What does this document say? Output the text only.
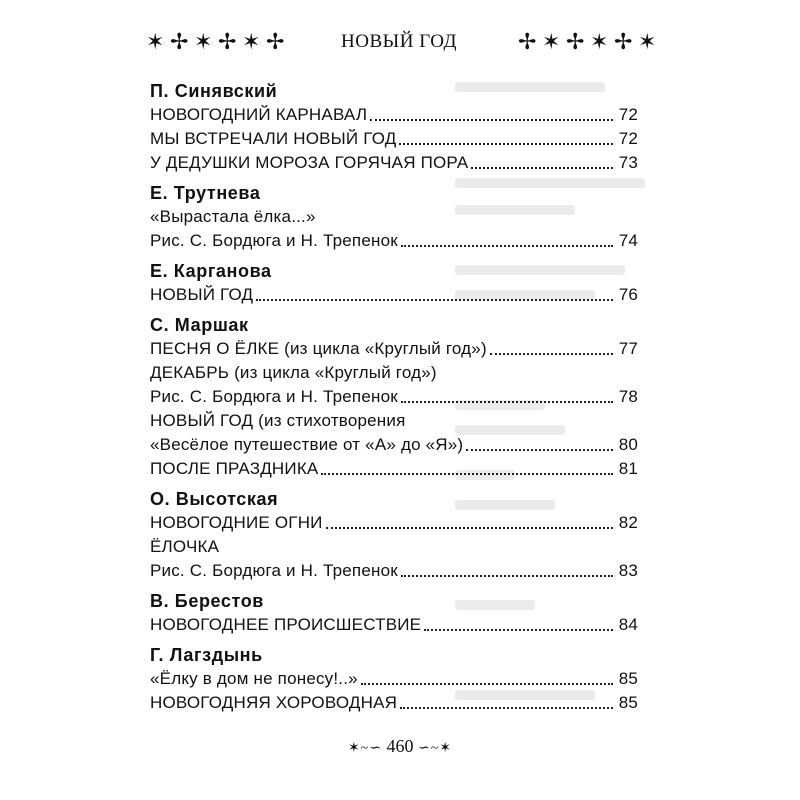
✶ ✢ ✶ ✢ ✶ ✢	НОВЫЙ ГОД	✢ ✶ ✢ ✶ ✢ ✶
П. Синявский
НОВОГОДНИЙ КАРНАВАЛ	72
МЫ ВСТРЕЧАЛИ НОВЫЙ ГОД	72
У ДЕДУШКИ МОРОЗА ГОРЯЧАЯ ПОРА	73
Е. Трутнева
«Вырастала ёлка...»
Рис. С. Бордюга и Н. Трепенок	74
Е. Карганова
НОВЫЙ ГОД	76
С. Маршак
ПЕСНЯ О ЁЛКЕ (из цикла «Круглый год»)	77
ДЕКАБРЬ (из цикла «Круглый год»)
Рис. С. Бордюга и Н. Трепенок	78
НОВЫЙ ГОД (из стихотворения
«Весёлое путешествие от «А» до «Я»)	80
ПОСЛЕ ПРАЗДНИКА	81
О. Высотская
НОВОГОДНИЕ ОГНИ	82
ЁЛОЧКА
Рис. С. Бордюга и Н. Трепенок	83
В. Берестов
НОВОГОДНЕЕ ПРОИСШЕСТВИЕ	84
Г. Лагздынь
«Ёлку в дом не понесу!..»	85
НОВОГОДНЯЯ ХОРОВОДНАЯ	85
✶~∽ 460 ∽~✶
